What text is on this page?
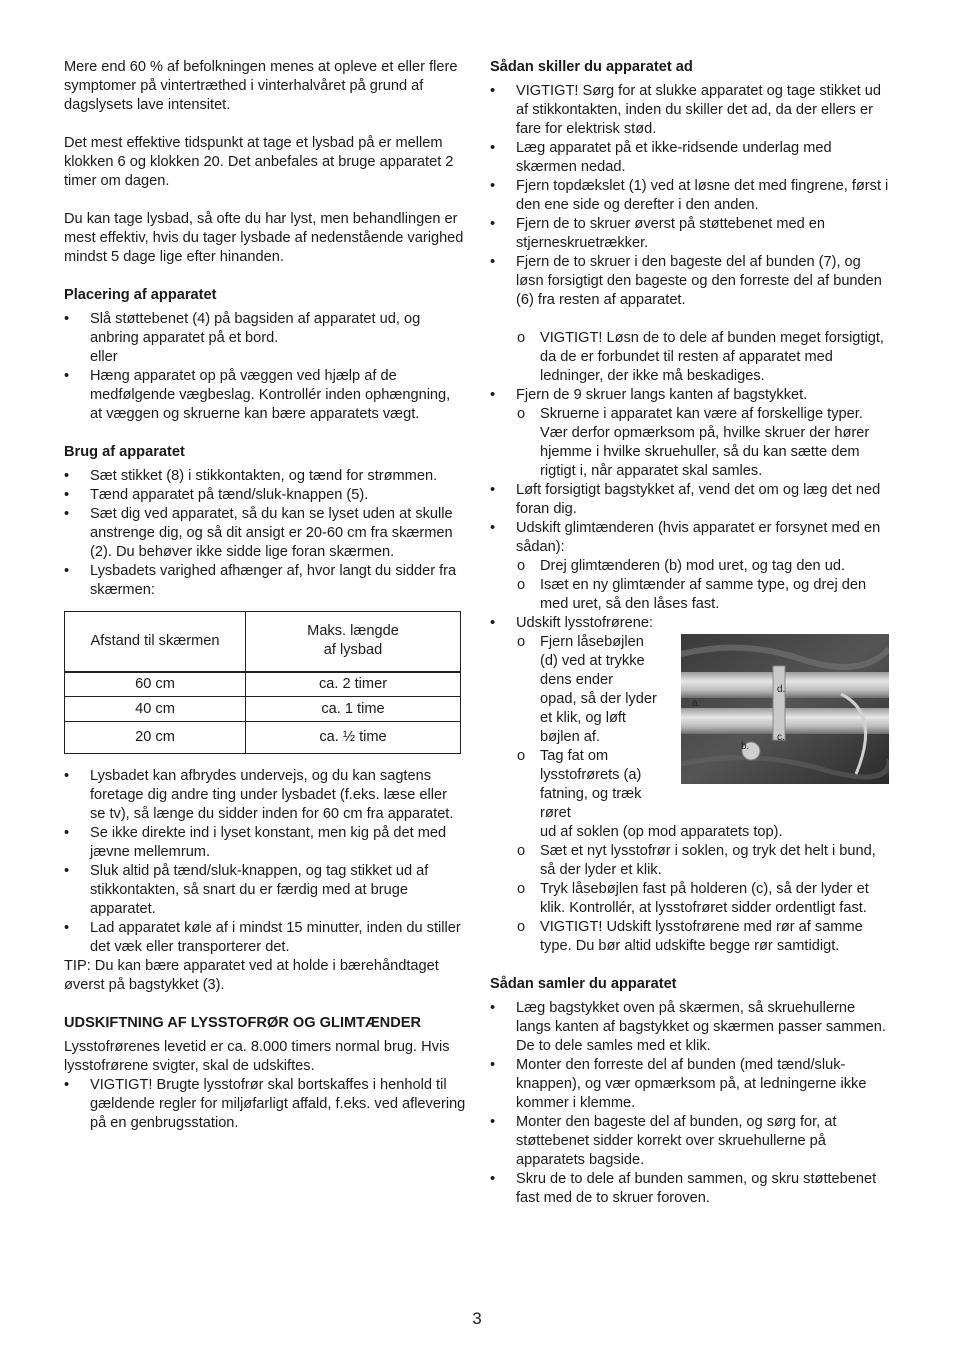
Mere end 60 % af befolkningen menes at opleve et eller flere symptomer på vintertræthed i vinterhalvåret på grund af dagslysets lave intensitet.

Det mest effektive tidspunkt at tage et lysbad på er mellem klokken 6 og klokken 20. Det anbefales at bruge apparatet 2 timer om dagen.

Du kan tage lysbad, så ofte du har lyst, men behandlingen er mest effektiv, hvis du tager lysbade af nedenstående varighed mindst 5 dage lige efter hinanden.

Placering af apparatet
• Slå støttebenet (4) på bagsiden af apparatet ud, og anbring apparatet på et bord.
eller
• Hæng apparatet op på væggen ved hjælp af de medfølgende vægbeslag. Kontrollér inden ophængning, at væggen og skruerne kan bære apparatets vægt.
Brug af apparatet
• Sæt stikket (8) i stikkontakten, og tænd for strømmen.
• Tænd apparatet på tænd/sluk-knappen (5).
• Sæt dig ved apparatet, så du kan se lyset uden at skulle anstrenge dig, og så dit ansigt er 20-60 cm fra skærmen (2). Du behøver ikke sidde lige foran skærmen.
• Lysbadets varighed afhænger af, hvor langt du sidder fra skærmen:
Afstand til skærmen	Maks. længde
af lysbad
60 cm	ca. 2 timer
40 cm	ca. 1 time
20 cm	ca. ½ time
• Lysbadet kan afbrydes undervejs, og du kan sagtens foretage dig andre ting under lysbadet (f.eks. læse eller se tv), så længe du sidder inden for 60 cm fra apparatet.
• Se ikke direkte ind i lyset konstant, men kig på det med jævne mellemrum.
• Sluk altid på tænd/sluk-knappen, og tag stikket ud af stikkontakten, så snart du er færdig med at bruge apparatet.
• Lad apparatet køle af i mindst 15 minutter, inden du stiller det væk eller transporterer det.

TIP: Du kan bære apparatet ved at holde i bærehåndtaget øverst på bagstykket (3).

UDSKIFTNING AF LYSSTOFRØR OG GLIMTÆNDER

Lysstofrørenes levetid er ca. 8.000 timers normal brug. Hvis lysstofrørene svigter, skal de udskiftes.

• VIGTIGT! Brugte lysstofrør skal bortskaffes i henhold til gældende regler for miljøfarligt affald, f.eks. ved aflevering på en genbrugsstation.
Sådan skiller du apparatet ad
• VIGTIGT! Sørg for at slukke apparatet og tage stikket ud af stikkontakten, inden du skiller det ad, da der ellers er fare for elektrisk stød.
• Læg apparatet på et ikke-ridsende underlag med skærmen nedad.
• Fjern topdækslet (1) ved at løsne det med fingrene, først i den ene side og derefter i den anden.
• Fjern de to skruer øverst på støttebenet med en stjerneskruetrækker.
• Fjern de to skruer i den bageste del af bunden (7), og løsn forsigtigt den bageste og den forreste del af bunden (6) fra resten af apparatet.
o VIGTIGT! Løsn de to dele af bunden meget forsigtigt, da de er forbundet til resten af apparatet med ledninger, der ikke må beskadiges.
• Fjern de 9 skruer langs kanten af bagstykket.
o Skruerne i apparatet kan være af forskellige typer. Vær derfor opmærksom på, hvilke skruer der hører hjemme i hvilke skruehuller, så du kan sætte dem rigtigt i, når apparatet skal samles.
• Løft forsigtigt bagstykket af, vend det om og læg det ned foran dig.
• Udskift glimtænderen (hvis apparatet er forsynet med en sådan):
o Drej glimtænderen (b) mod uret, og tag den ud.
o Isæt en ny glimtænder af samme type, og drej den med uret, så den låses fast.
• Udskift lysstofrørene:
o Fjern låsebøjlen
(d) ved at trykke
dens ender
opad, så der lyder
et klik, og løft
bøjlen af.
o Tag fat om
lysstofrørets (a)
fatning, og træk
røret
ud af soklen (op mod apparatets top).
a.
b.
c.
d.
o Sæt et nyt lysstofrør i soklen, og tryk det helt i bund, så der lyder et klik.
o Tryk låsebøjlen fast på holderen (c), så der lyder et klik. Kontrollér, at lysstofrøret sidder ordentligt fast.
o VIGTIGT! Udskift lysstofrørene med rør af samme type. Du bør altid udskifte begge rør samtidigt.
Sådan samler du apparatet
• Læg bagstykket oven på skærmen, så skruehullerne langs kanten af bagstykket og skærmen passer sammen. De to dele samles med et klik.
• Monter den forreste del af bunden (med tænd/sluk-knappen), og vær opmærksom på, at ledningerne ikke kommer i klemme.
• Monter den bageste del af bunden, og sørg for, at støttebenet sidder korrekt over skruehullerne på apparatets bagside.
• Skru de to dele af bunden sammen, og skru støttebenet fast med de to skruer foroven.
3
